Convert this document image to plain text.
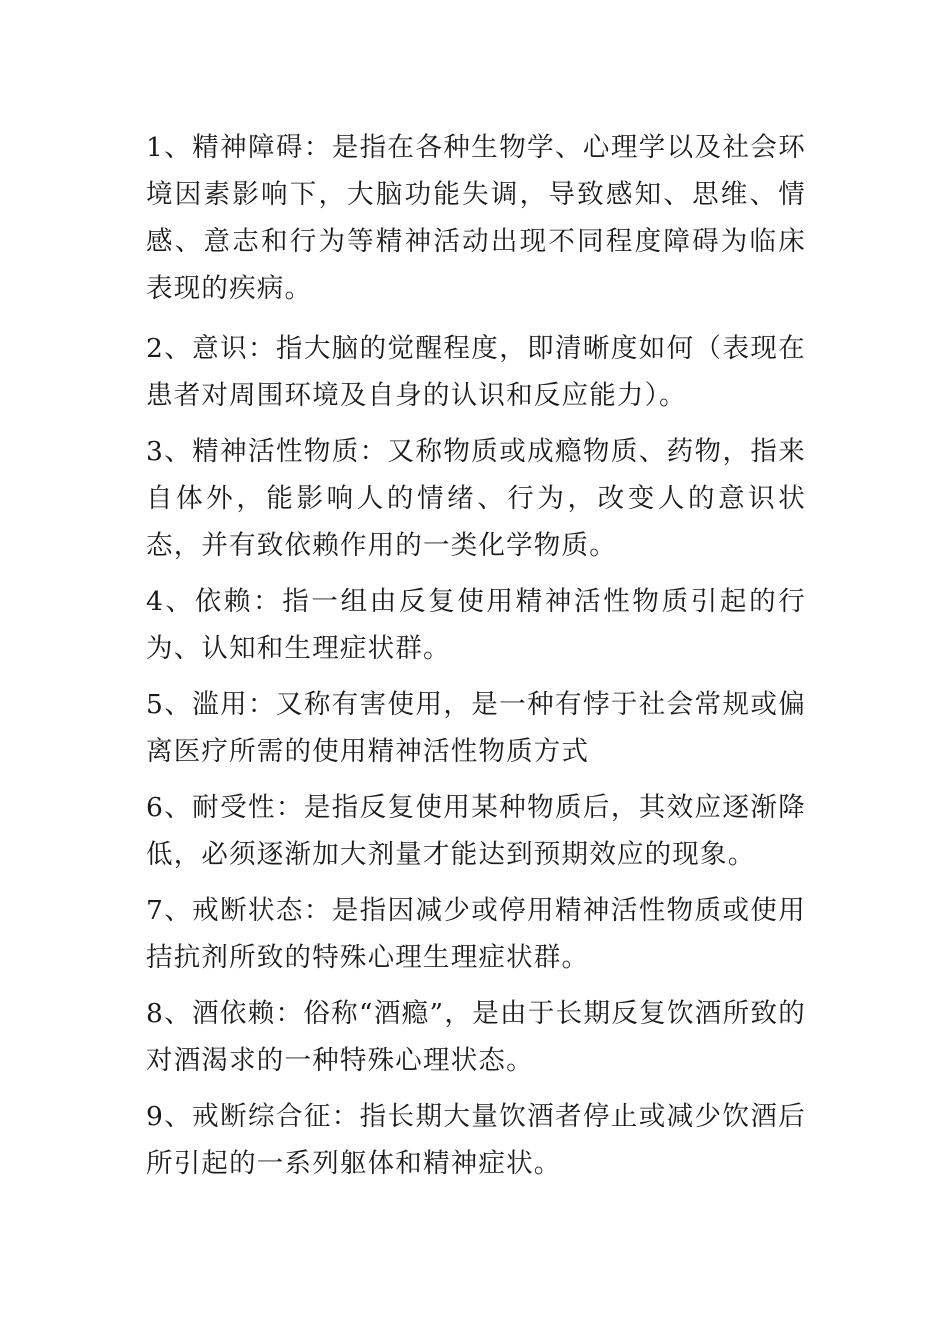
1、精神障碍：是指在各种生物学、心理学以及社会环境因素影响下，大脑功能失调，导致感知、思维、情感、意志和行为等精神活动出现不同程度障碍为临床表现的疾病。

2、意识：指大脑的觉醒程度，即清晰度如何（表现在患者对周围环境及自身的认识和反应能力）。

3、精神活性物质：又称物质或成瘾物质、药物，指来自体外，能影响人的情绪、行为，改变人的意识状态，并有致依赖作用的一类化学物质。

4、依赖：指一组由反复使用精神活性物质引起的行为、认知和生理症状群。

5、滥用：又称有害使用，是一种有悖于社会常规或偏离医疗所需的使用精神活性物质方式

6、耐受性：是指反复使用某种物质后，其效应逐渐降低，必须逐渐加大剂量才能达到预期效应的现象。

7、戒断状态：是指因减少或停用精神活性物质或使用拮抗剂所致的特殊心理生理症状群。

8、酒依赖：俗称“酒瘾”，是由于长期反复饮酒所致的对酒渴求的一种特殊心理状态。

9、戒断综合征：指长期大量饮酒者停止或减少饮酒后所引起的一系列躯体和精神症状。
